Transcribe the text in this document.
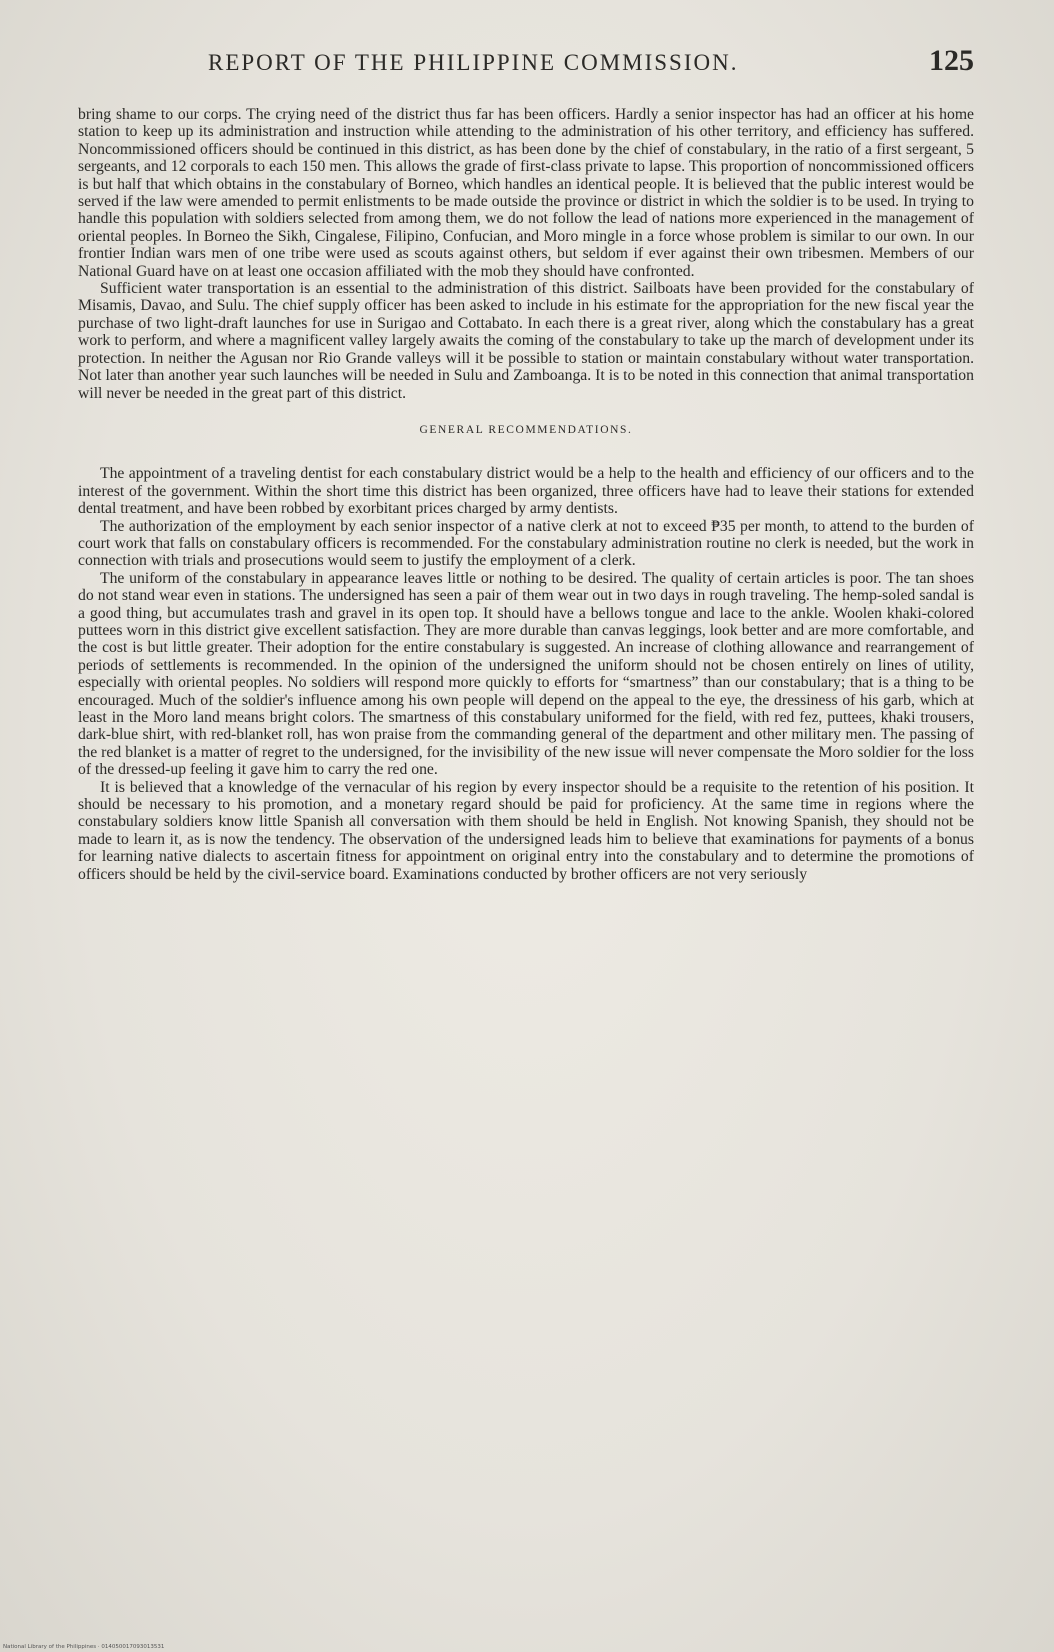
REPORT OF THE PHILIPPINE COMMISSION.	125

bring shame to our corps. The crying need of the district thus far has been officers. Hardly a senior inspector has had an officer at his home station to keep up its administration and instruction while attending to the administration of his other territory, and efficiency has suffered. Noncommissioned officers should be continued in this district, as has been done by the chief of constabulary, in the ratio of a first sergeant, 5 sergeants, and 12 corporals to each 150 men. This allows the grade of first-class private to lapse. This proportion of noncommissioned officers is but half that which obtains in the constabulary of Borneo, which handles an identical people. It is believed that the public interest would be served if the law were amended to permit enlistments to be made outside the province or district in which the soldier is to be used. In trying to handle this population with soldiers selected from among them, we do not follow the lead of nations more experienced in the management of oriental peoples. In Borneo the Sikh, Cingalese, Filipino, Confucian, and Moro mingle in a force whose problem is similar to our own. In our frontier Indian wars men of one tribe were used as scouts against others, but seldom if ever against their own tribesmen. Members of our National Guard have on at least one occasion affiliated with the mob they should have confronted.

Sufficient water transportation is an essential to the administration of this district. Sailboats have been provided for the constabulary of Misamis, Davao, and Sulu. The chief supply officer has been asked to include in his estimate for the appropriation for the new fiscal year the purchase of two light-draft launches for use in Surigao and Cottabato. In each there is a great river, along which the constabulary has a great work to perform, and where a magnificent valley largely awaits the coming of the constabulary to take up the march of development under its protection. In neither the Agusan nor Rio Grande valleys will it be possible to station or maintain constabulary without water transportation. Not later than another year such launches will be needed in Sulu and Zamboanga. It is to be noted in this connection that animal transportation will never be needed in the great part of this district.

GENERAL RECOMMENDATIONS.

The appointment of a traveling dentist for each constabulary district would be a help to the health and efficiency of our officers and to the interest of the government. Within the short time this district has been organized, three officers have had to leave their stations for extended dental treatment, and have been robbed by exorbitant prices charged by army dentists.

The authorization of the employment by each senior inspector of a native clerk at not to exceed ₱35 per month, to attend to the burden of court work that falls on constabulary officers is recommended. For the constabulary administration routine no clerk is needed, but the work in connection with trials and prosecutions would seem to justify the employment of a clerk.

The uniform of the constabulary in appearance leaves little or nothing to be desired. The quality of certain articles is poor. The tan shoes do not stand wear even in stations. The undersigned has seen a pair of them wear out in two days in rough traveling. The hemp-soled sandal is a good thing, but accumulates trash and gravel in its open top. It should have a bellows tongue and lace to the ankle. Woolen khaki-colored puttees worn in this district give excellent satisfaction. They are more durable than canvas leggings, look better and are more comfortable, and the cost is but little greater. Their adoption for the entire constabulary is suggested. An increase of clothing allowance and rearrangement of periods of settlements is recommended. In the opinion of the undersigned the uniform should not be chosen entirely on lines of utility, especially with oriental peoples. No soldiers will respond more quickly to efforts for “smartness” than our constabulary; that is a thing to be encouraged. Much of the soldier's influence among his own people will depend on the appeal to the eye, the dressiness of his garb, which at least in the Moro land means bright colors. The smartness of this constabulary uniformed for the field, with red fez, puttees, khaki trousers, dark-blue shirt, with red-blanket roll, has won praise from the commanding general of the department and other military men. The passing of the red blanket is a matter of regret to the undersigned, for the invisibility of the new issue will never compensate the Moro soldier for the loss of the dressed-up feeling it gave him to carry the red one.

It is believed that a knowledge of the vernacular of his region by every inspector should be a requisite to the retention of his position. It should be necessary to his promotion, and a monetary regard should be paid for proficiency. At the same time in regions where the constabulary soldiers know little Spanish all conversation with them should be held in English. Not knowing Spanish, they should not be made to learn it, as is now the tendency. The observation of the undersigned leads him to believe that examinations for payments of a bonus for learning native dialects to ascertain fitness for appointment on original entry into the constabulary and to determine the promotions of officers should be held by the civil-service board. Examinations conducted by brother officers are not very seriously

National Library of the Philippines · 014050017093013531
